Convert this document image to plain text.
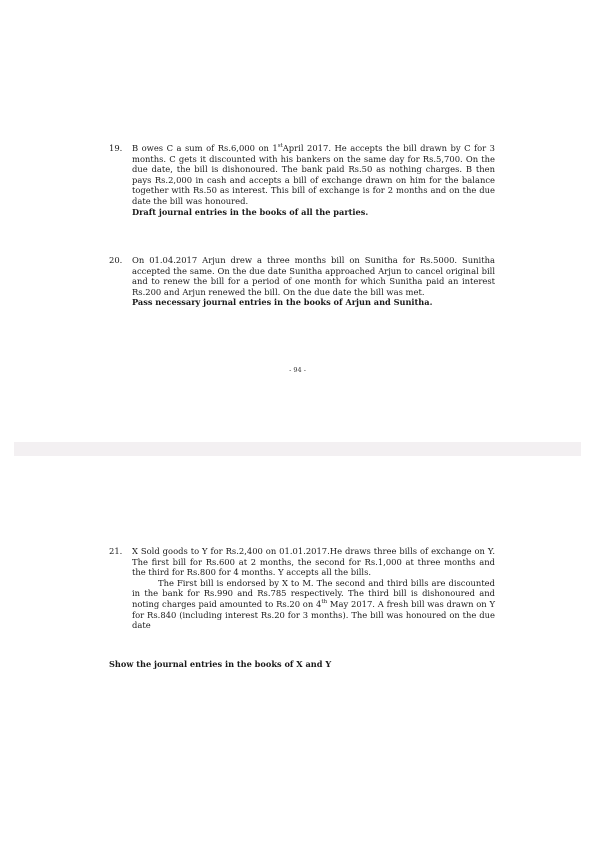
19.	B owes C a sum of Rs.6,000 on 1stApril 2017. He accepts the bill drawn by C for 3 months. C gets it discounted with his bankers on the same day for Rs.5,700. On the due date, the bill is dishonoured. The bank paid Rs.50 as nothing charges. B then pays Rs.2,000 in cash and accepts a bill of exchange drawn on him for the balance together with Rs.50 as interest. This bill of exchange is for 2 months and on the due date the bill was honoured.

Draft journal entries in the books of all the parties.

20.	On 01.04.2017 Arjun drew a three months bill on Sunitha for Rs.5000. Sunitha accepted the same. On the due date Sunitha approached Arjun to cancel original bill and to renew the bill for a period of one month for which Sunitha paid an interest Rs.200 and Arjun renewed the bill. On the due date the bill was met.

Pass necessary journal entries in the books of Arjun and Sunitha.

- 94 -
21.	X Sold goods to Y for Rs.2,400 on 01.01.2017.He draws three bills of exchange on Y. The first bill for Rs.600 at 2 months, the second for Rs.1,000 at three months and the third for Rs.800 for 4 months. Y accepts all the bills.

The First bill is endorsed by X to M. The second and third bills are discounted in the bank for Rs.990 and Rs.785 respectively. The third bill is dishonoured and noting charges paid amounted to Rs.20 on 4th May 2017. A fresh bill was drawn on Y for Rs.840 (including interest Rs.20 for 3 months). The bill was honoured on the due date

Show the journal entries in the books of X and Y
